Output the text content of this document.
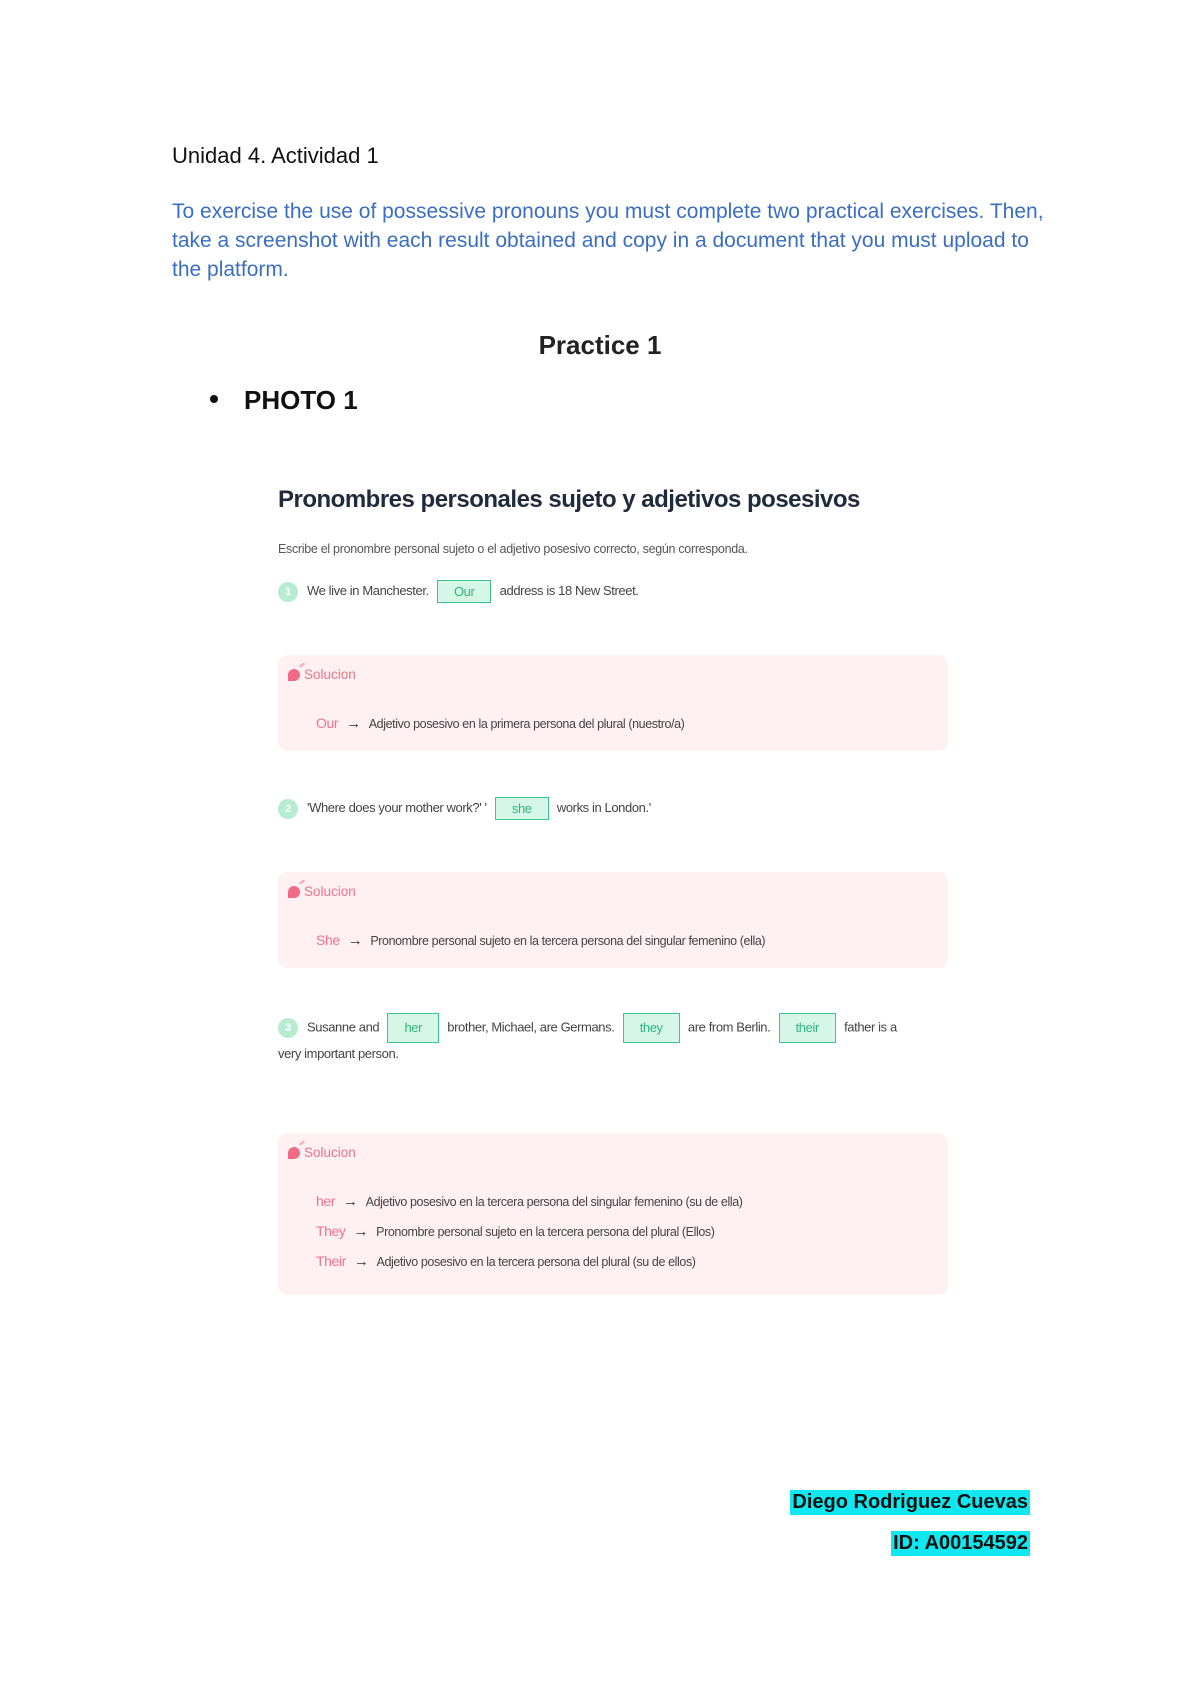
Unidad 4. Actividad 1
To exercise the use of possessive pronouns you must complete two practical exercises. Then, take a screenshot with each result obtained and copy in a document that you must upload to the platform.
Practice 1
PHOTO 1
Pronombres personales sujeto y adjetivos posesivos
Escribe el pronombre personal sujeto o el adjetivo posesivo correcto, según corresponda.
1 We live in Manchester. Our address is 18 New Street.
Solucion
Our → Adjetivo posesivo en la primera persona del plural (nuestro/a)
2 'Where does your mother work?' ' she works in London.'
Solucion
She → Pronombre personal sujeto en la tercera persona del singular femenino (ella)
3 Susanne and her brother, Michael, are Germans. they are from Berlin. their father is a
very important person.
Solucion
her → Adjetivo posesivo en la tercera persona del singular femenino (su de ella)
They → Pronombre personal sujeto en la tercera persona del plural (Ellos)
Their → Adjetivo posesivo en la tercera persona del plural (su de ellos)
Diego Rodriguez Cuevas
ID: A00154592
